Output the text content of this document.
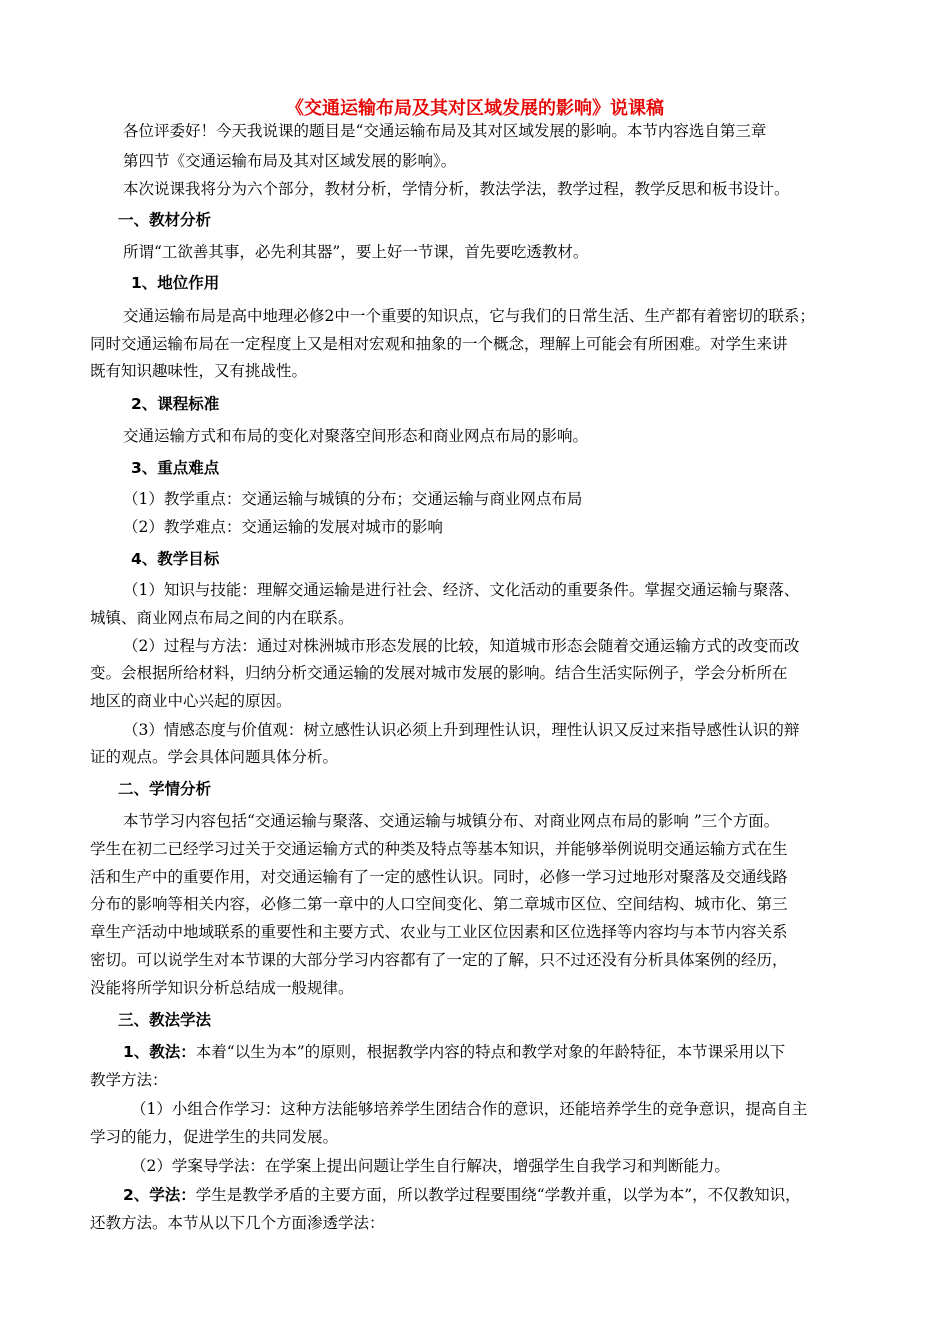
《交通运输布局及其对区域发展的影响》说课稿
各位评委好！今天我说课的题目是“交通运输布局及其对区域发展的影响。本节内容选自第三章
第四节《交通运输布局及其对区域发展的影响》。
本次说课我将分为六个部分，教材分析，学情分析，教法学法，教学过程，教学反思和板书设计。
一、教材分析
所谓“工欲善其事，必先利其器”，要上好一节课，首先要吃透教材。
1、地位作用
交通运输布局是高中地理必修2中一个重要的知识点，它与我们的日常生活、生产都有着密切的联系；
同时交通运输布局在一定程度上又是相对宏观和抽象的一个概念，理解上可能会有所困难。对学生来讲
既有知识趣味性，又有挑战性。
2、课程标准
交通运输方式和布局的变化对聚落空间形态和商业网点布局的影响。
3、重点难点
（1）教学重点：交通运输与城镇的分布；交通运输与商业网点布局
（2）教学难点：交通运输的发展对城市的影响
4、教学目标
（1）知识与技能：理解交通运输是进行社会、经济、文化活动的重要条件。掌握交通运输与聚落、
城镇、商业网点布局之间的内在联系。
（2）过程与方法：通过对株洲城市形态发展的比较，知道城市形态会随着交通运输方式的改变而改
变。会根据所给材料，归纳分析交通运输的发展对城市发展的影响。结合生活实际例子，学会分析所在
地区的商业中心兴起的原因。
（3）情感态度与价值观：树立感性认识必须上升到理性认识，理性认识又反过来指导感性认识的辩
证的观点。学会具体问题具体分析。
二、学情分析
本节学习内容包括“交通运输与聚落、交通运输与城镇分布、对商业网点布局的影响 ”三个方面。
学生在初二已经学习过关于交通运输方式的种类及特点等基本知识，并能够举例说明交通运输方式在生
活和生产中的重要作用，对交通运输有了一定的感性认识。同时，必修一学习过地形对聚落及交通线路
分布的影响等相关内容，必修二第一章中的人口空间变化、第二章城市区位、空间结构、城市化、第三
章生产活动中地域联系的重要性和主要方式、农业与工业区位因素和区位选择等内容均与本节内容关系
密切。可以说学生对本节课的大部分学习内容都有了一定的了解，只不过还没有分析具体案例的经历，
没能将所学知识分析总结成一般规律。
三、教法学法
1、教法：本着“以生为本”的原则，根据教学内容的特点和教学对象的年龄特征，本节课采用以下
教学方法：
（1）小组合作学习：这种方法能够培养学生团结合作的意识，还能培养学生的竞争意识，提高自主
学习的能力，促进学生的共同发展。
（2）学案导学法：在学案上提出问题让学生自行解决，增强学生自我学习和判断能力。
2、学法：学生是教学矛盾的主要方面，所以教学过程要围绕“学教并重，以学为本”，不仅教知识，
还教方法。本节从以下几个方面渗透学法：
